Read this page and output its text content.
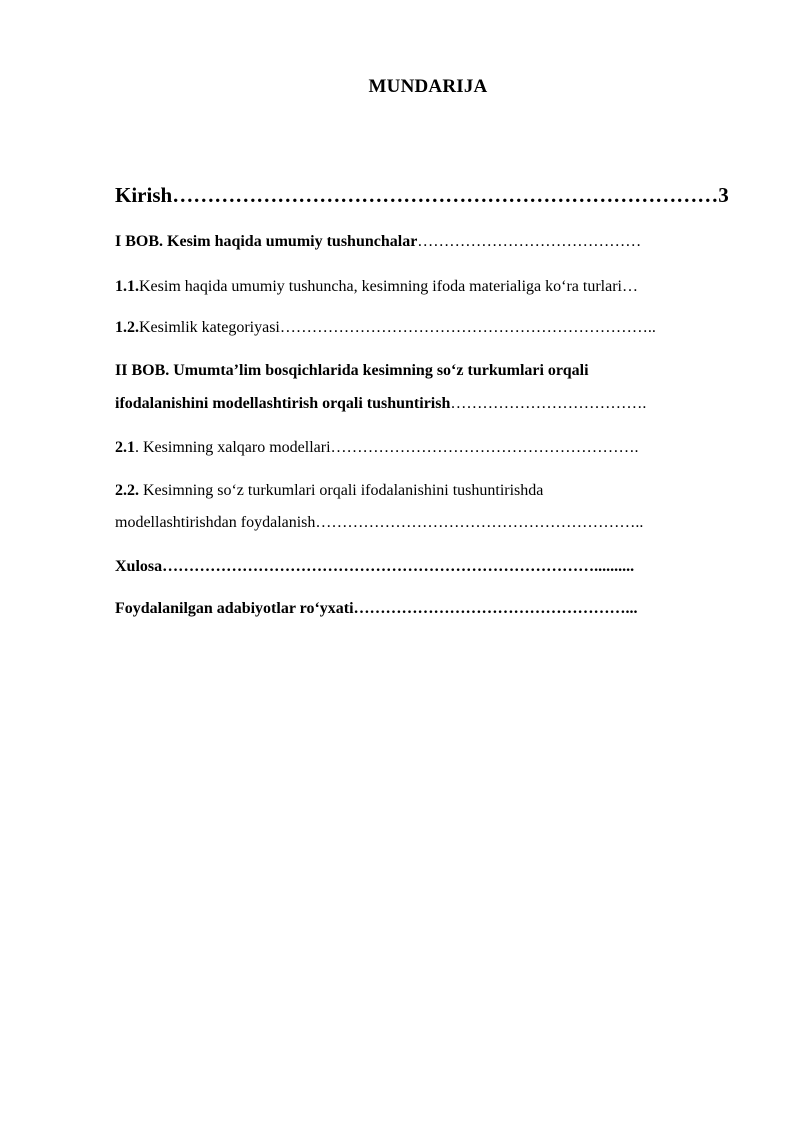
MUNDARIJA
Kirish……………………………………………………………………3
I BOB. Kesim haqida umumiy tushunchalar……………………………………
1.1.Kesim haqida umumiy tushuncha, kesimning ifoda materialiga ko‘ra turlari…
1.2.Kesimlik kategoriyasi……………………………………………………………..
II BOB. Umumta’lim bosqichlarida kesimning so‘z turkumlari orqali
ifodalanishini modellashtirish orqali tushuntirish……………………………….
2.1. Kesimning xalqaro modellari………………………………………………….
2.2. Kesimning so‘z turkumlari orqali ifodalanishini tushuntirishda
modellashtirishdan foydalanish……………………………………………………..
Xulosa………………………………………………………………………..........
Foydalanilgan adabiyotlar ro‘yxati……………………………………………...
